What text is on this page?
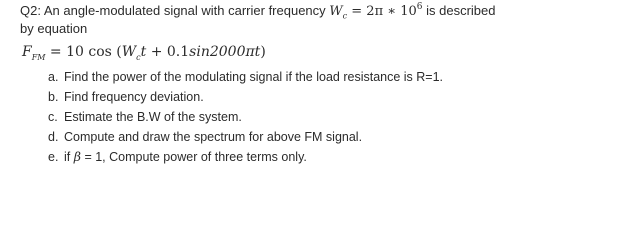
Q2: An angle-modulated signal with carrier frequency $W_c = 2\pi$ ∗ $10^6$ is described
by equation
$F_{FM} = 10$ $\cos (W_ct + 0.1\sin 2000\pi t)$
a. Find the power of the modulating signal if the load resistance is R=1.
b. Find frequency deviation.
c. Estimate the B.W of the system.
d. Compute and draw the spectrum for above FM signal.
e. if β = 1, Compute power of three terms only.
